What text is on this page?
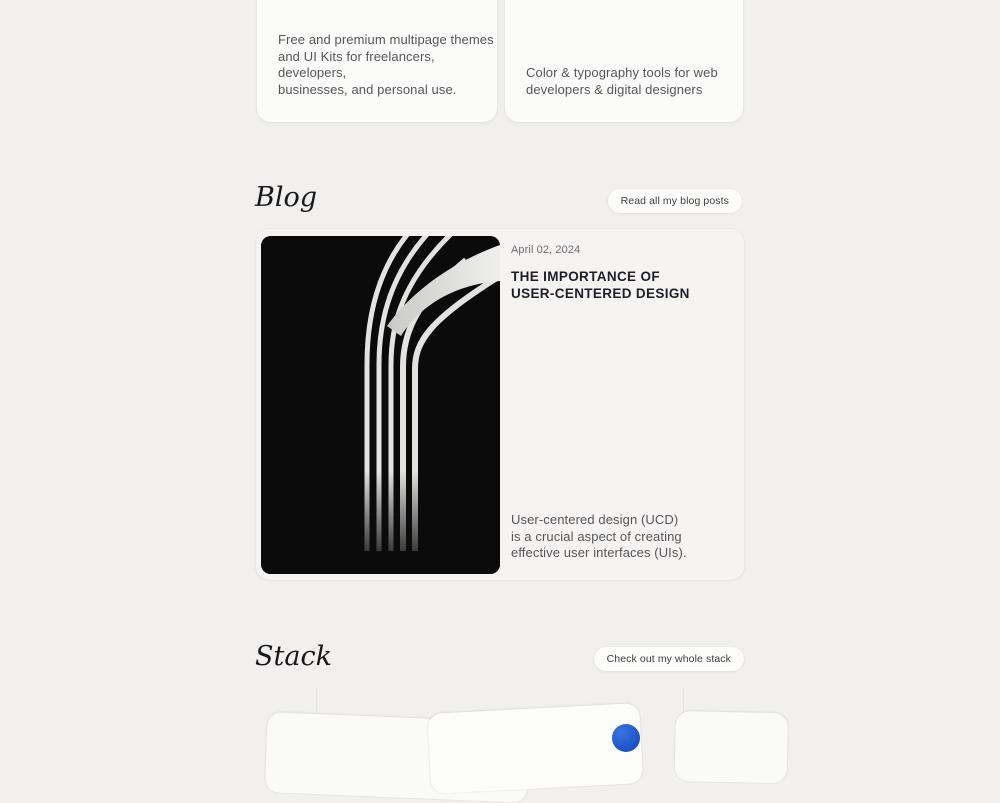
Free and premium multipage themes
and UI Kits for freelancers, developers,
businesses, and personal use.

Color & typography tools for web
developers & digital designers

Blog	Read all my blog posts
April 02, 2024
THE IMPORTANCE OF
USER-CENTERED DESIGN

User-centered design (UCD)
is a crucial aspect of creating
effective user interfaces (UIs).

Stack	Check out my whole stack
